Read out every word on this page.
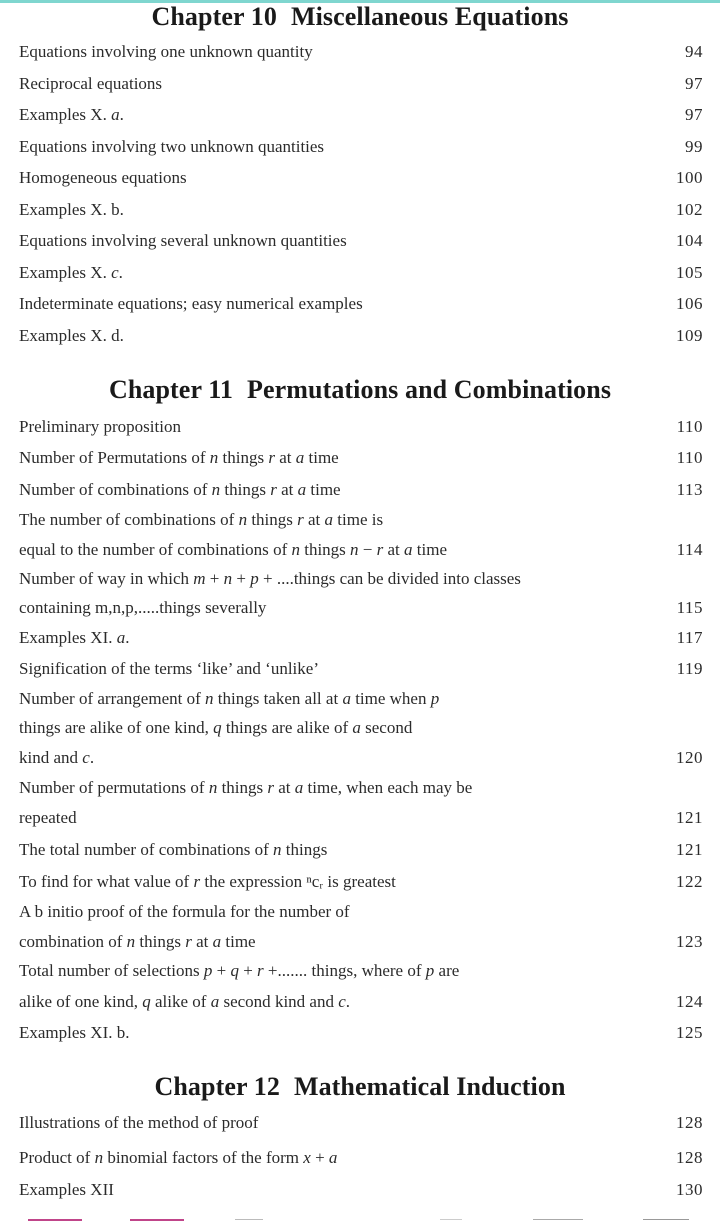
Chapter 10 Miscellaneous Equations
Equations involving one unknown quantity	94
Reciprocal equations	97
Examples X. a.	97
Equations involving two unknown quantities	99
Homogeneous equations	100
Examples X. b.	102
Equations involving several unknown quantities	104
Examples X. c.	105
Indeterminate equations; easy numerical examples	106
Examples X. d.	109
Chapter 11 Permutations and Combinations
Preliminary proposition	110
Number of Permutations of n things r at a time	110
Number of combinations of n things r at a time	113
The number of combinations of n things r at a time is
equal to the number of combinations of n things n − r at a time	114
Number of way in which m + n + p + ....things can be divided into classes
containing m,n,p,.....things severally	115
Examples XI. a.	117
Signification of the terms ‘like’ and ‘unlike’	119
Number of arrangement of n things taken all at a time when p
things are alike of one kind, q things are alike of a second
kind and c.	120
Number of permutations of n things r at a time, when each may be
repeated	121
The total number of combinations of n things	121
To find for what value of r the expression ⁿcᵣ is greatest	122
A b initio proof of the formula for the number of
combination of n things r at a time	123
Total number of selections p + q + r +....... things, where of p are
alike of one kind, q alike of a second kind and c.	124
Examples XI. b.	125
Chapter 12 Mathematical Induction
Illustrations of the method of proof	128
Product of n binomial factors of the form x + a	128
Examples XII	130
